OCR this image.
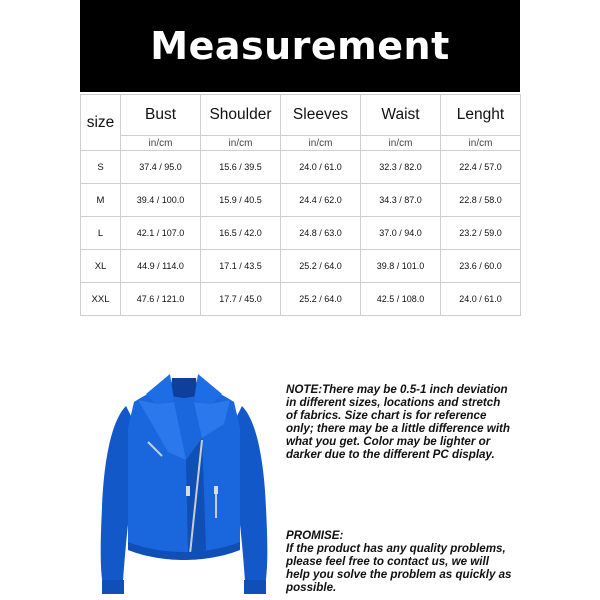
Measurement
size	Bust	Shoulder	Sleeves	Waist	Lenght
	in/cm	in/cm	in/cm	in/cm	in/cm
S	37.4 / 95.0	15.6 / 39.5	24.0 / 61.0	32.3 / 82.0	22.4 / 57.0
M	39.4 / 100.0	15.9 / 40.5	24.4 / 62.0	34.3 / 87.0	22.8 / 58.0
L	42.1 / 107.0	16.5 / 42.0	24.8 / 63.0	37.0 / 94.0	23.2 / 59.0
XL	44.9 / 114.0	17.1 / 43.5	25.2 / 64.0	39.8 / 101.0	23.6 / 60.0
XXL	47.6 / 121.0	17.7 / 45.0	25.2 / 64.0	42.5 / 108.0	24.0 / 61.0

NOTE:There may be 0.5-1 inch deviation in different sizes, locations and stretch of fabrics. Size chart is for reference only; there may be a little difference with what you get. Color may be lighter or darker due to the different PC display.

PROMISE:
If the product has any quality problems, please feel free to contact us, we will help you solve the problem as quickly as possible.
